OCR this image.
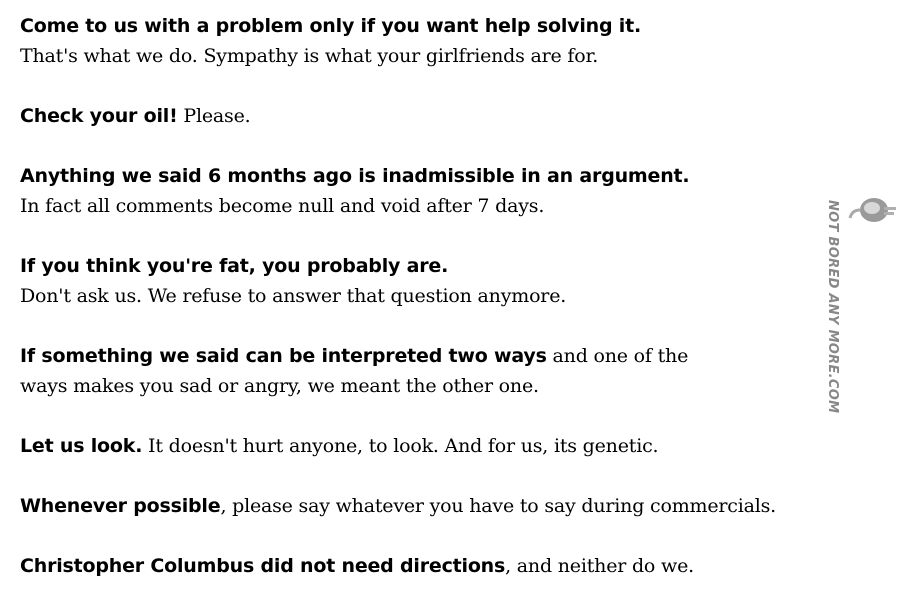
Come to us with a problem only if you want help solving it.
That's what we do. Sympathy is what your girlfriends are for.
Check your oil! Please.
Anything we said 6 months ago is inadmissible in an argument.
In fact all comments become null and void after 7 days.
If you think you're fat, you probably are.
Don't ask us. We refuse to answer that question anymore.
If something we said can be interpreted two ways and one of the
ways makes you sad or angry, we meant the other one.
Let us look. It doesn't hurt anyone, to look. And for us, its genetic.
Whenever possible, please say whatever you have to say during commercials.
Christopher Columbus did not need directions, and neither do we.
NOT BORED ANY MORE.COM
